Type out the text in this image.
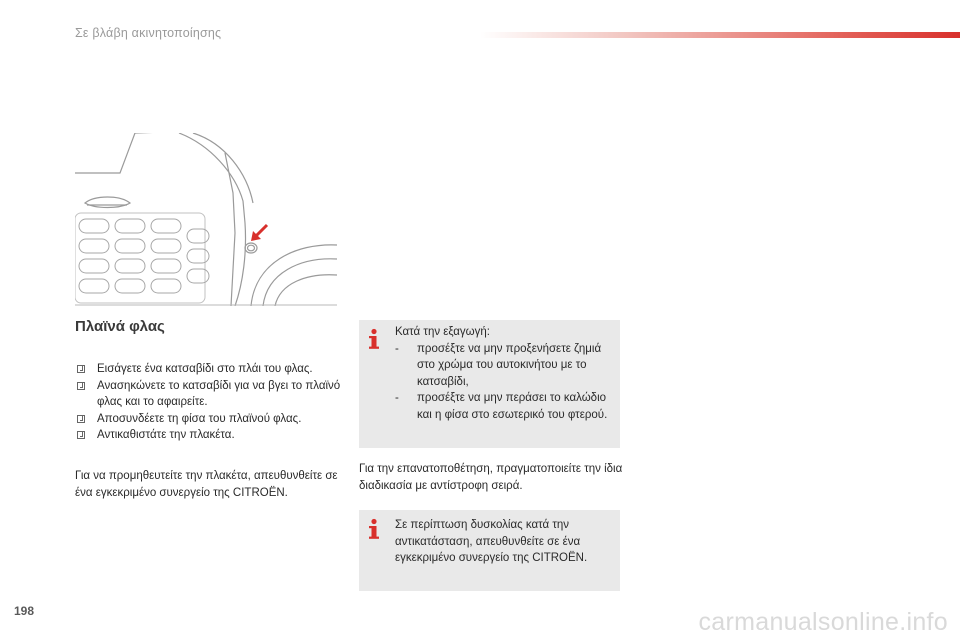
Σε βλάβη ακινητοποίησης
Πλαϊνά φλας
Εισάγετε ένα κατσαβίδι στο πλάι του φλας.
Ανασηκώνετε το κατσαβίδι για να βγει το πλαϊνό φλας και το αφαιρείτε.
Αποσυνδέετε τη φίσα του πλαϊνού φλας.
Αντικαθιστάτε την πλακέτα.
Για να προμηθευτείτε την πλακέτα, απευθυνθείτε σε ένα εγκεκριμένο συνεργείο της CITROËN.
Κατά την εξαγωγή:
-	προσέξτε να μην προξενήσετε ζημιά στο χρώμα του αυτοκινήτου με το κατσαβίδι,
-	προσέξτε να μην περάσει το καλώδιο και η φίσα στο εσωτερικό του φτερού.
Για την επανατοποθέτηση, πραγματοποιείτε την ίδια διαδικασία με αντίστροφη σειρά.
Σε περίπτωση δυσκολίας κατά την αντικατάσταση, απευθυνθείτε σε ένα εγκεκριμένο συνεργείο της CITROËN.
198	carmanualsonline.info
